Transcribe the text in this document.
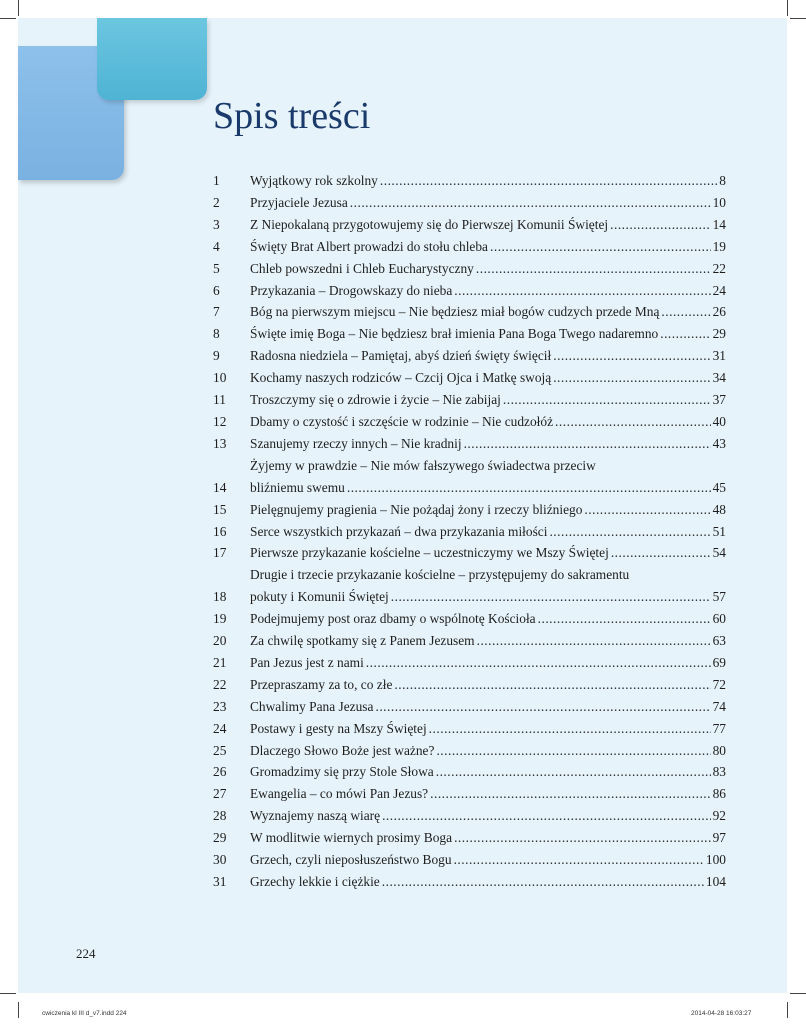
Spis treści
1	Wyjątkowy rok szkolny .....	8
2	Przyjaciele Jezusa .....	10
3	Z Niepokalaną przygotowujemy się do Pierwszej Komunii Świętej .....	14
4	Święty Brat Albert prowadzi do stołu chleba .....	19
5	Chleb powszedni i Chleb Eucharystyczny .....	22
6	Przykazania – Drogowskazy do nieba .....	24
7	Bóg na pierwszym miejscu – Nie będziesz miał bogów cudzych przede Mną .....	26
8	Święte imię Boga – Nie będziesz brał imienia Pana Boga Twego nadaremno .....	29
9	Radosna niedziela – Pamiętaj, abyś dzień święty święcił .....	31
10	Kochamy naszych rodziców – Czcij Ojca i Matkę swoją .....	34
11	Troszczymy się o zdrowie i życie – Nie zabijaj .....	37
12	Dbamy o czystość i szczęście w rodzinie – Nie cudzołóż .....	40
13	Szanujemy rzeczy innych – Nie kradnij .....	43
14
Żyjemy w prawdzie – Nie mów fałszywego świadectwa przeciw
bliźniemu swemu .....	45
15	Pielęgnujemy pragienia – Nie pożądaj żony i rzeczy bliźniego .....	48
16	Serce wszystkich przykazań – dwa przykazania miłości .....	51
17	Pierwsze przykazanie kościelne – uczestniczymy we Mszy Świętej .....	54
18
Drugie i trzecie przykazanie kościelne – przystępujemy do sakramentu
pokuty i Komunii Świętej .....	57
19	Podejmujemy post oraz dbamy o wspólnotę Kościoła .....	60
20	Za chwilę spotkamy się z Panem Jezusem .....	63
21	Pan Jezus jest z nami .....	69
22	Przepraszamy za to, co złe .....	72
23	Chwalimy Pana Jezusa .....	74
24	Postawy i gesty na Mszy Świętej .....	77
25	Dlaczego Słowo Boże jest ważne? .....	80
26	Gromadzimy się przy Stole Słowa .....	83
27	Ewangelia – co mówi Pan Jezus? .....	86
28	Wyznajemy naszą wiarę .....	92
29	W modlitwie wiernych prosimy Boga .....	97
30	Grzech, czyli nieposłuszeństwo Bogu .....	100
31	Grzechy lekkie i ciężkie .....	104
224
cwiczenia kl III d_v7.indd 224	2014-04-28 16:03:27
